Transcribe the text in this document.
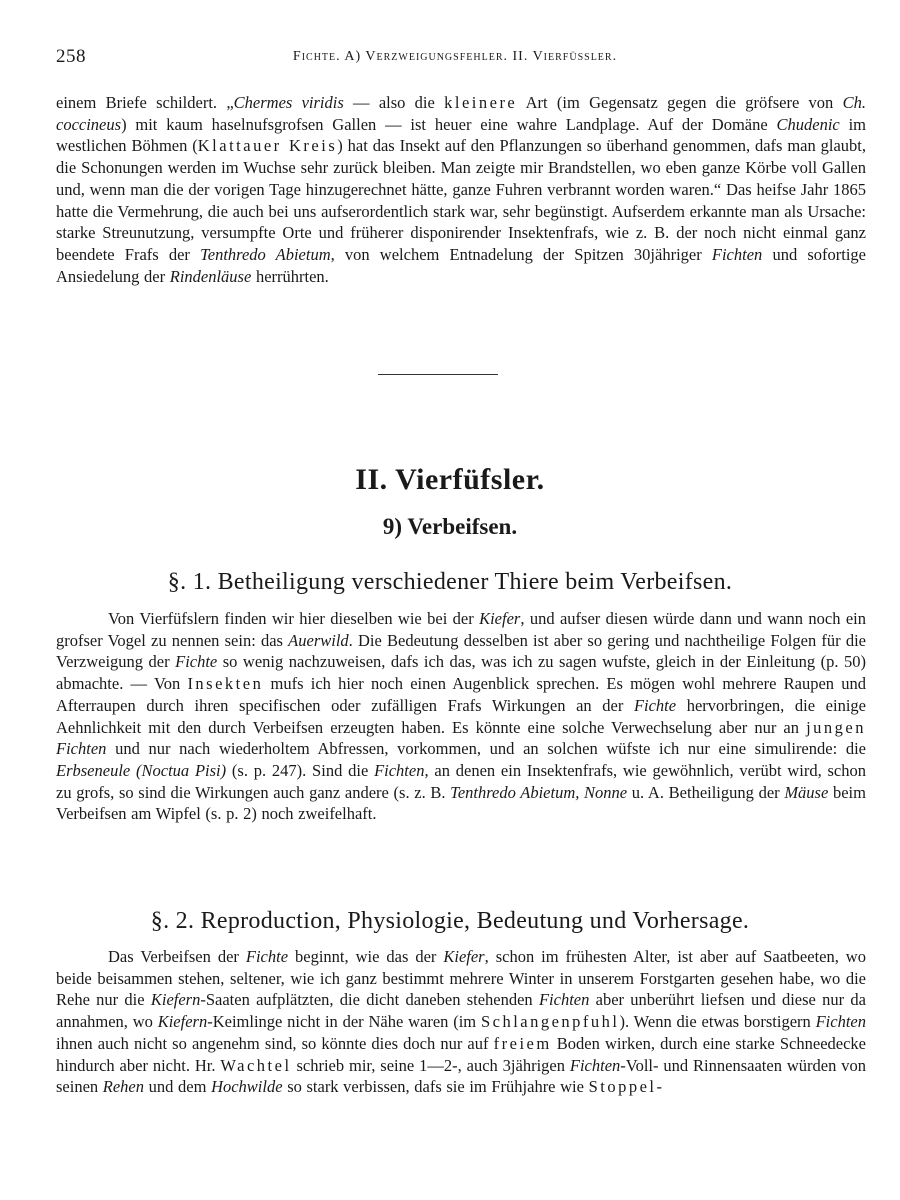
258	Fichte. A) Verzweigungsfehler. II. Vierfüssler.

einem Briefe schildert. „Chermes viridis — also die kleinere Art (im Gegensatz gegen die gröfsere von Ch. coccineus) mit kaum haselnufsgrofsen Gallen — ist heuer eine wahre Landplage. Auf der Domäne Chudenic im westlichen Böhmen (Klattauer Kreis) hat das Insekt auf den Pflanzungen so überhand genommen, dafs man glaubt, die Schonungen werden im Wuchse sehr zurück bleiben. Man zeigte mir Brandstellen, wo eben ganze Körbe voll Gallen und, wenn man die der vorigen Tage hinzugerechnet hätte, ganze Fuhren verbrannt worden waren.“ Das heifse Jahr 1865 hatte die Vermehrung, die auch bei uns aufserordentlich stark war, sehr begünstigt. Aufserdem erkannte man als Ursache: starke Streunutzung, versumpfte Orte und früherer disponirender Insektenfrafs, wie z. B. der noch nicht einmal ganz beendete Frafs der Tenthredo Abietum, von welchem Entnadelung der Spitzen 30jähriger Fichten und sofortige Ansiedelung der Rindenläuse herrührten.

II. Vierfüfsler.
9) Verbeifsen.
§. 1. Betheiligung verschiedener Thiere beim Verbeifsen.

Von Vierfüfslern finden wir hier dieselben wie bei der Kiefer, und aufser diesen würde dann und wann noch ein grofser Vogel zu nennen sein: das Auerwild. Die Bedeutung desselben ist aber so gering und nachtheilige Folgen für die Verzweigung der Fichte so wenig nachzuweisen, dafs ich das, was ich zu sagen wufste, gleich in der Einleitung (p. 50) abmachte. — Von Insekten mufs ich hier noch einen Augenblick sprechen. Es mögen wohl mehrere Raupen und Afterraupen durch ihren specifischen oder zufälligen Frafs Wirkungen an der Fichte hervorbringen, die einige Aehnlichkeit mit den durch Verbeifsen erzeugten haben. Es könnte eine solche Verwechselung aber nur an jungen Fichten und nur nach wiederholtem Abfressen, vorkommen, und an solchen wüfste ich nur eine simulirende: die Erbseneule (Noctua Pisi) (s. p. 247). Sind die Fichten, an denen ein Insektenfrafs, wie gewöhnlich, verübt wird, schon zu grofs, so sind die Wirkungen auch ganz andere (s. z. B. Tenthredo Abietum, Nonne u. A. Betheiligung der Mäuse beim Verbeifsen am Wipfel (s. p. 2) noch zweifelhaft.

§. 2. Reproduction, Physiologie, Bedeutung und Vorhersage.

Das Verbeifsen der Fichte beginnt, wie das der Kiefer, schon im frühesten Alter, ist aber auf Saatbeeten, wo beide beisammen stehen, seltener, wie ich ganz bestimmt mehrere Winter in unserem Forstgarten gesehen habe, wo die Rehe nur die Kiefern-Saaten aufplätzten, die dicht daneben stehenden Fichten aber unberührt liefsen und diese nur da annahmen, wo Kiefern-Keimlinge nicht in der Nähe waren (im Schlangenpfuhl). Wenn die etwas borstigern Fichten ihnen auch nicht so angenehm sind, so könnte dies doch nur auf freiem Boden wirken, durch eine starke Schneedecke hindurch aber nicht. Hr. Wachtel schrieb mir, seine 1—2-, auch 3jährigen Fichten-Voll- und Rinnensaaten würden von seinen Rehen und dem Hochwilde so stark verbissen, dafs sie im Frühjahre wie Stoppel-
